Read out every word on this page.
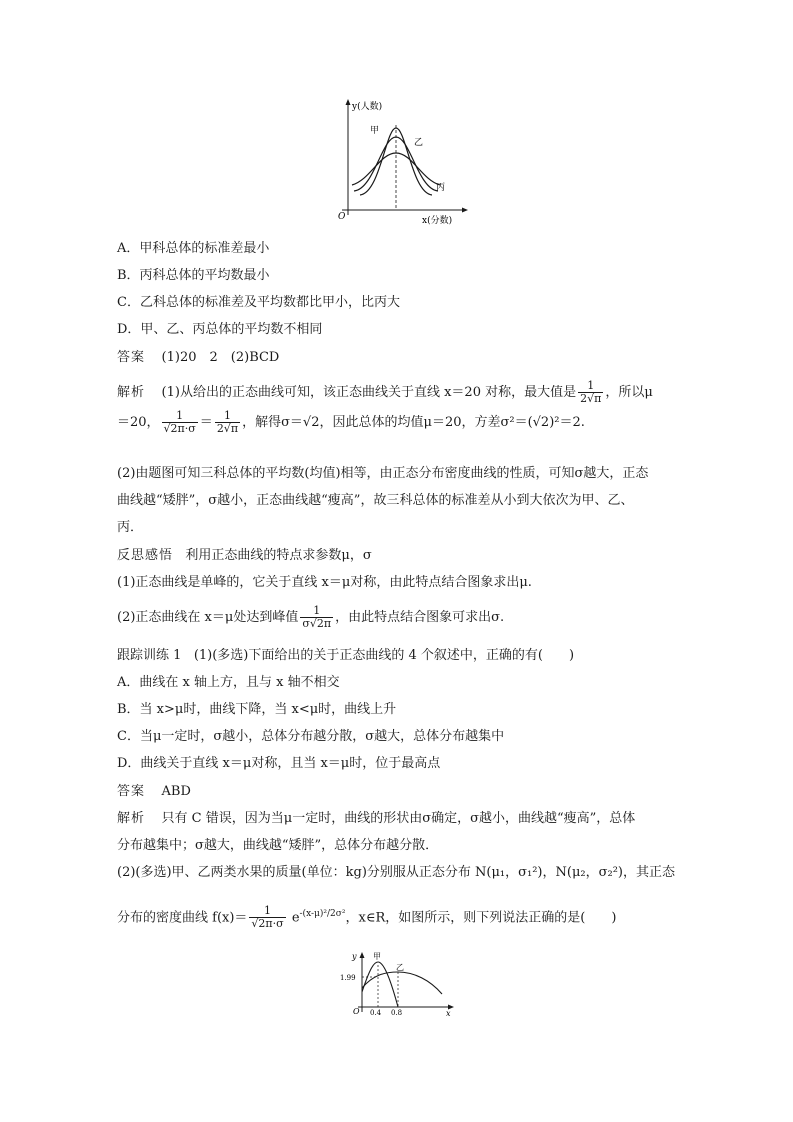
y(人数)
x(分数)
O
甲
乙
丙
A．甲科总体的标准差最小
B．丙科总体的平均数最小
C．乙科总体的标准差及平均数都比甲小，比丙大
D．甲、乙、丙总体的平均数不相同
答案 (1)20　2　(2)BCD
解析 (1)从给出的正态曲线可知，该正态曲线关于直线 x＝20 对称，最大值是 $\frac{1}{2√\pi}$ ，所以μ
＝20， $\frac{1}{√2\pi\cdot\sigma} = \frac{1}{2√\pi}$ ，解得σ＝√2，因此总体的均值μ＝20，方差σ²＝(√2)²＝2.
(2)由题图可知三科总体的平均数(均值)相等，由正态分布密度曲线的性质，可知σ越大，正态
曲线越“矮胖”，σ越小，正态曲线越“瘦高”，故三科总体的标准差从小到大依次为甲、乙、
丙．
反思感悟 利用正态曲线的特点求参数μ，σ
(1)正态曲线是单峰的，它关于直线 x＝μ对称，由此特点结合图象求出μ.
(2)正态曲线在 x＝μ处达到峰值 $\frac{1}{\sigma√2\pi}$ ，由此特点结合图象可求出σ.
跟踪训练 1 (1)(多选)下面给出的关于正态曲线的 4 个叙述中，正确的有(　　)
A．曲线在 x 轴上方，且与 x 轴不相交
B．当 x>μ时，曲线下降，当 x<μ时，曲线上升
C．当μ一定时，σ越小，总体分布越分散，σ越大，总体分布越集中
D．曲线关于直线 x＝μ对称，且当 x＝μ时，位于最高点
答案 ABD
解析 只有 C 错误，因为当μ一定时，曲线的形状由σ确定，σ越小，曲线越“瘦高”，总体
分布越集中；σ越大，曲线越“矮胖”，总体分布越分散．
(2)(多选)甲、乙两类水果的质量(单位：kg)分别服从正态分布 N(μ₁，σ₁²)，N(μ₂，σ₂²)，其正态
分布的密度曲线 $f(x)= \frac{1}{√2\pi\cdot\sigma} e^{-(x-\mu)^2/2\sigma^2}$，x∈R，如图所示，则下列说法正确的是(　　)
y
x
O
1.99
0.4 0.8
甲
乙
